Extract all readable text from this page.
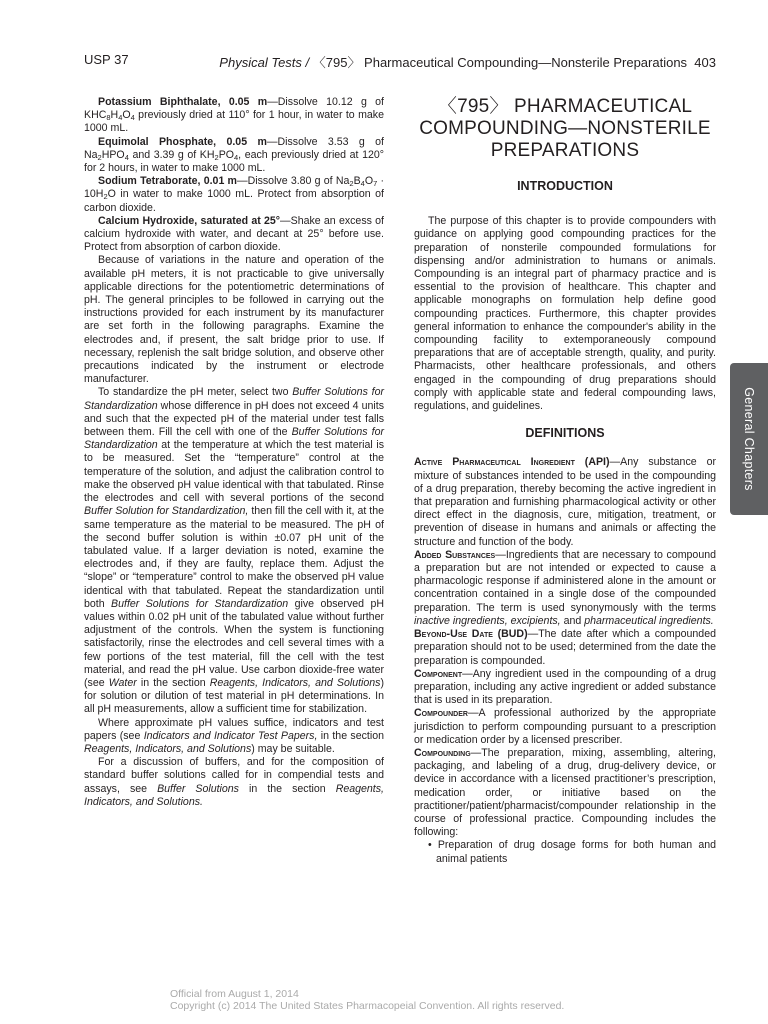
USP 37	Physical Tests / 〈795〉 Pharmaceutical Compounding—Nonsterile Preparations 403

Potassium Biphthalate, 0.05 m—Dissolve 10.12 g of $KHC_8H_4O_4$ previously dried at 110° for 1 hour, in water to make 1000 mL.

Equimolal Phosphate, 0.05 m—Dissolve 3.53 g of $Na_2HPO_4$ and 3.39 g of $KH_2PO_4$, each previously dried at 120° for 2 hours, in water to make 1000 mL.

Sodium Tetraborate, 0.01 m—Dissolve 3.80 g of $Na_2B_4O_7 \cdot 10H_2O$ in water to make 1000 mL. Protect from absorption of carbon dioxide.

Calcium Hydroxide, saturated at 25°—Shake an excess of calcium hydroxide with water, and decant at 25° before use. Protect from absorption of carbon dioxide.

Because of variations in the nature and operation of the available pH meters, it is not practicable to give universally applicable directions for the potentiometric determinations of pH. The general principles to be followed in carrying out the instructions provided for each instrument by its manufacturer are set forth in the following paragraphs. Examine the electrodes and, if present, the salt bridge prior to use. If necessary, replenish the salt bridge solution, and observe other precautions indicated by the instrument or electrode manufacturer.

To standardize the pH meter, select two Buffer Solutions for Standardization whose difference in pH does not exceed 4 units and such that the expected pH of the material under test falls between them. Fill the cell with one of the Buffer Solutions for Standardization at the temperature at which the test material is to be measured. Set the “temperature” control at the temperature of the solution, and adjust the calibration control to make the observed pH value identical with that tabulated. Rinse the electrodes and cell with several portions of the second Buffer Solution for Standardization, then fill the cell with it, at the same temperature as the material to be measured. The pH of the second buffer solution is within ±0.07 pH unit of the tabulated value. If a larger deviation is noted, examine the electrodes and, if they are faulty, replace them. Adjust the “slope” or “temperature” control to make the observed pH value identical with that tabulated. Repeat the standardization until both Buffer Solutions for Standardization give observed pH values within 0.02 pH unit of the tabulated value without further adjustment of the controls. When the system is functioning satisfactorily, rinse the electrodes and cell several times with a few portions of the test material, fill the cell with the test material, and read the pH value. Use carbon dioxide-free water (see Water in the section Reagents, Indicators, and Solutions) for solution or dilution of test material in pH determinations. In all pH measurements, allow a sufficient time for stabilization.

Where approximate pH values suffice, indicators and test papers (see Indicators and Indicator Test Papers, in the section Reagents, Indicators, and Solutions) may be suitable.

For a discussion of buffers, and for the composition of standard buffer solutions called for in compendial tests and assays, see Buffer Solutions in the section Reagents, Indicators, and Solutions.

〈795〉 PHARMACEUTICAL
COMPOUNDING—NONSTERILE
PREPARATIONS
INTRODUCTION

The purpose of this chapter is to provide compounders with guidance on applying good compounding practices for the preparation of nonsterile compounded formulations for dispensing and/or administration to humans or animals. Compounding is an integral part of pharmacy practice and is essential to the provision of healthcare. This chapter and applicable monographs on formulation help define good compounding practices. Furthermore, this chapter provides general information to enhance the compounder's ability in the compounding facility to extemporaneously compound preparations that are of acceptable strength, quality, and purity. Pharmacists, other healthcare professionals, and others engaged in the compounding of drug preparations should comply with applicable state and federal compounding laws, regulations, and guidelines.

DEFINITIONS

Active Pharmaceutical Ingredient (API)—Any substance or mixture of substances intended to be used in the compounding of a drug preparation, thereby becoming the active ingredient in that preparation and furnishing pharmacological activity or other direct effect in the diagnosis, cure, mitigation, treatment, or prevention of disease in humans and animals or affecting the structure and function of the body.

Added Substances—Ingredients that are necessary to compound a preparation but are not intended or expected to cause a pharmacologic response if administered alone in the amount or concentration contained in a single dose of the compounded preparation. The term is used synonymously with the terms inactive ingredients, excipients, and pharmaceutical ingredients.

Beyond-Use Date (BUD)—The date after which a compounded preparation should not to be used; determined from the date the preparation is compounded.

Component—Any ingredient used in the compounding of a drug preparation, including any active ingredient or added substance that is used in its preparation.

Compounder—A professional authorized by the appropriate jurisdiction to perform compounding pursuant to a prescription or medication order by a licensed prescriber.

Compounding—The preparation, mixing, assembling, altering, packaging, and labeling of a drug, drug-delivery device, or device in accordance with a licensed practitioner’s prescription, medication order, or initiative based on the practitioner/patient/pharmacist/compounder relationship in the course of professional practice. Compounding includes the following:

• Preparation of drug dosage forms for both human and animal patients

General Chapters
Official from August 1, 2014
Copyright (c) 2014 The United States Pharmacopeial Convention. All rights reserved.
